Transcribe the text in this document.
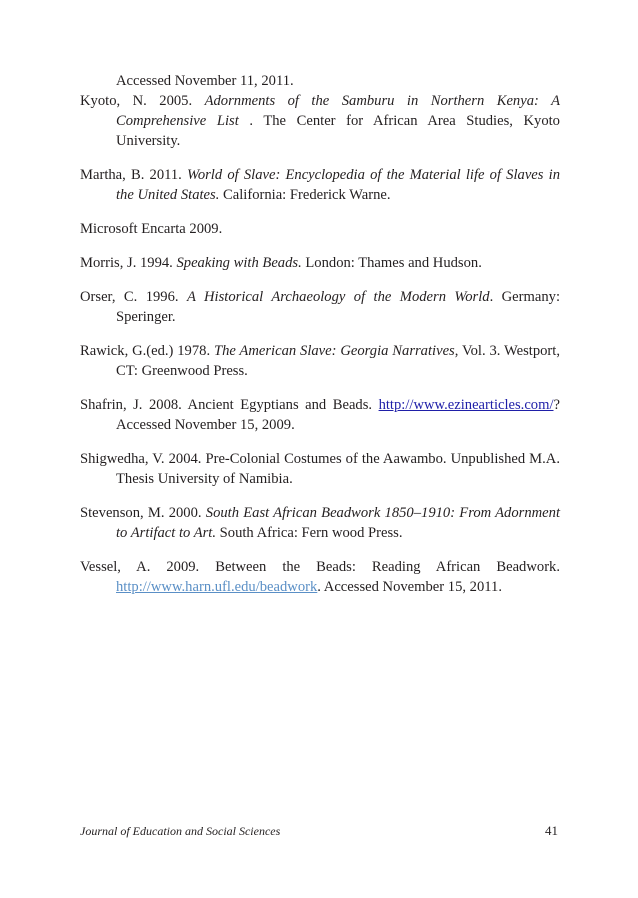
Accessed November 11, 2011.

Kyoto, N. 2005. Adornments of the Samburu in Northern Kenya: A Comprehensive List . The Center for African Area Studies, Kyoto University.

Martha, B. 2011. World of Slave: Encyclopedia of the Material life of Slaves in the United States. California: Frederick Warne.

Microsoft Encarta 2009.

Morris, J. 1994. Speaking with Beads. London: Thames and Hudson.

Orser, C. 1996. A Historical Archaeology of the Modern World. Germany: Speringer.

Rawick, G.(ed.) 1978. The American Slave: Georgia Narratives, Vol. 3. Westport, CT: Greenwood Press.

Shafrin, J. 2008. Ancient Egyptians and Beads. http://www.ezinearticles.com/? Accessed November 15, 2009.

Shigwedha, V. 2004. Pre-Colonial Costumes of the Aawambo. Unpublished M.A. Thesis University of Namibia.

Stevenson, M. 2000. South East African Beadwork 1850–1910: From Adornment to Artifact to Art. South Africa: Fern wood Press.

Vessel, A. 2009. Between the Beads: Reading African Beadwork. http://www.harn.ufl.edu/beadwork. Accessed November 15, 2011.

Journal of Education and Social Sciences	41
